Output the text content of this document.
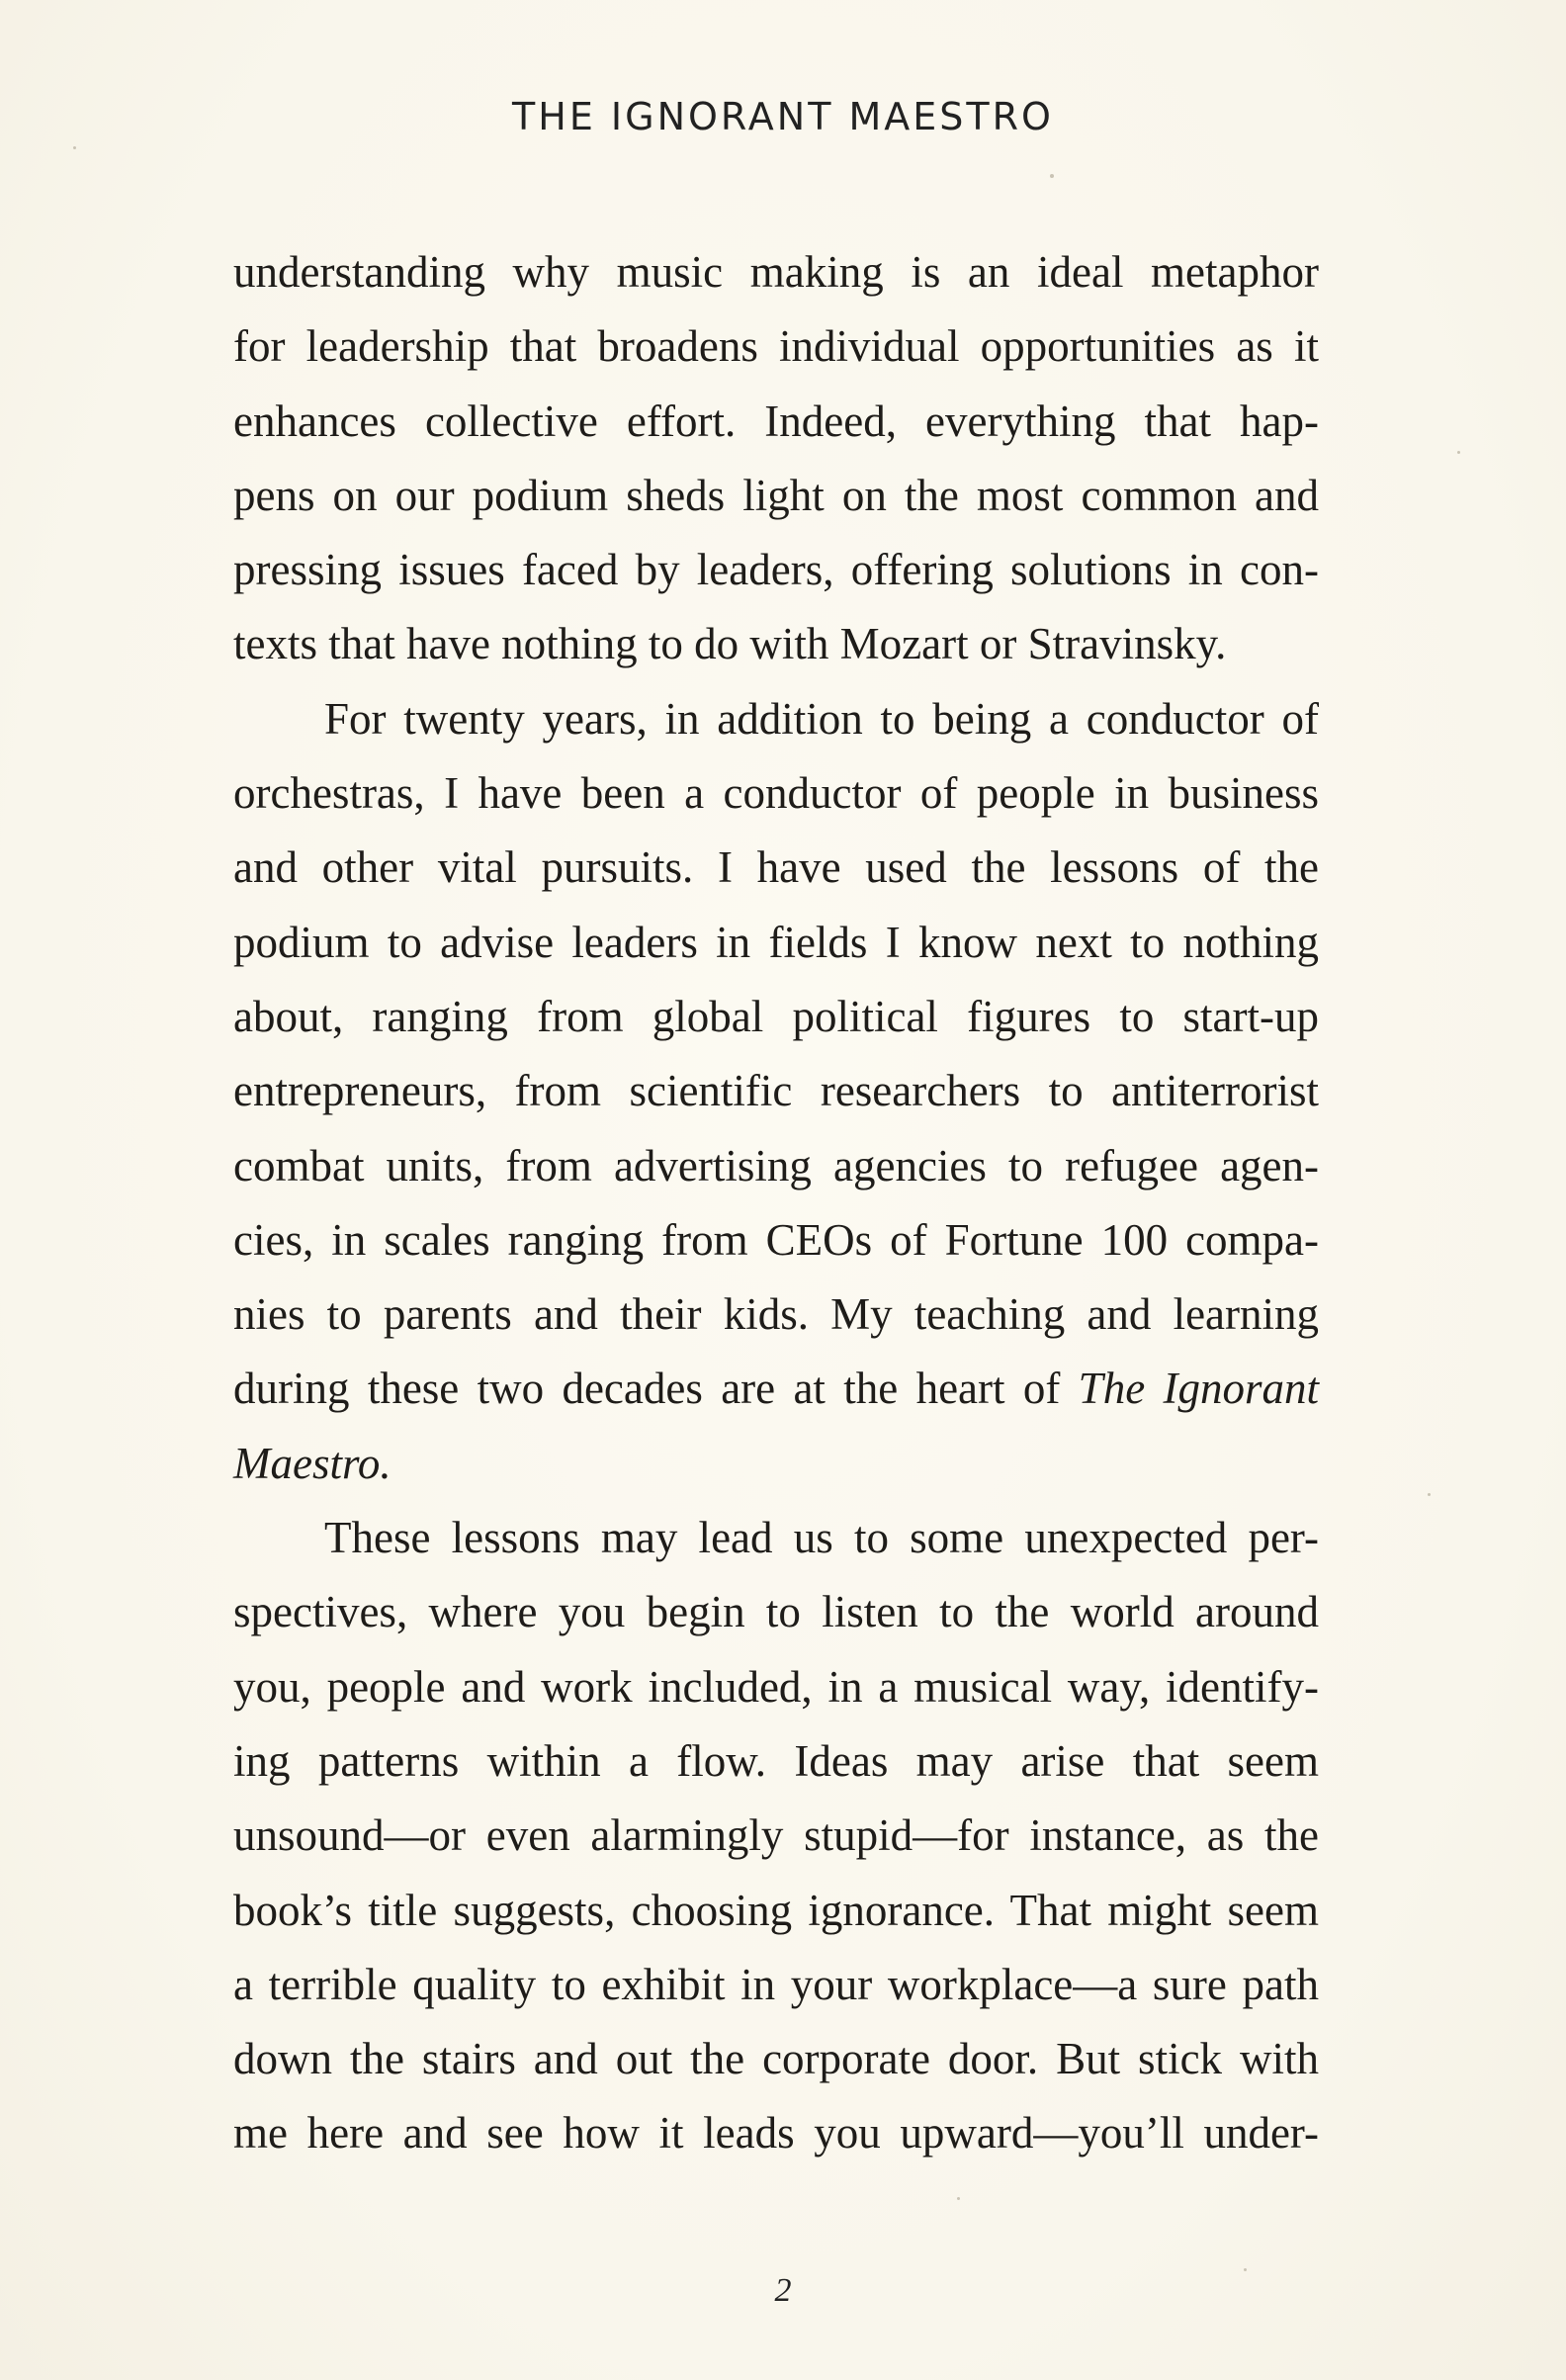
THE IGNORANT MAESTRO
understanding why music making is an ideal metaphor
for leadership that broadens individual opportunities as it
enhances collective effort. Indeed, everything that hap-
pens on our podium sheds light on the most common and
pressing issues faced by leaders, offering solutions in con-
texts that have nothing to do with Mozart or Stravinsky.
For twenty years, in addition to being a conductor of
orchestras, I have been a conductor of people in business
and other vital pursuits. I have used the lessons of the
podium to advise leaders in fields I know next to nothing
about, ranging from global political figures to start-up
entrepreneurs, from scientific researchers to antiterrorist
combat units, from advertising agencies to refugee agen-
cies, in scales ranging from CEOs of Fortune 100 compa-
nies to parents and their kids. My teaching and learning
during these two decades are at the heart of The Ignorant
Maestro.
These lessons may lead us to some unexpected per-
spectives, where you begin to listen to the world around
you, people and work included, in a musical way, identify-
ing patterns within a flow. Ideas may arise that seem
unsound—or even alarmingly stupid—for instance, as the
book’s title suggests, choosing ignorance. That might seem
a terrible quality to exhibit in your workplace—a sure path
down the stairs and out the corporate door. But stick with
me here and see how it leads you upward—you’ll under-
2
